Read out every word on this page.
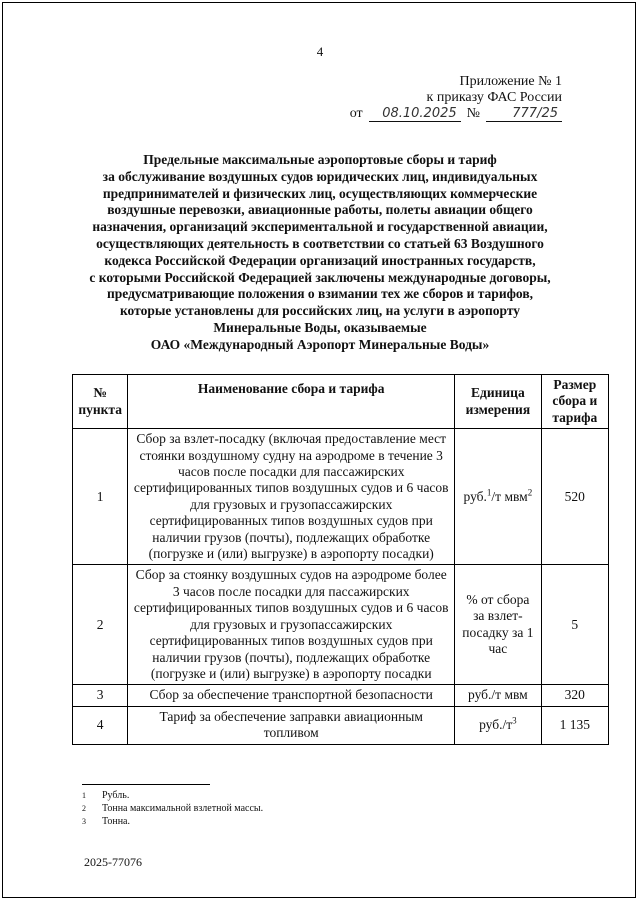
4
Приложение № 1
к приказу ФАС России
от	08.10.2025 №	777/25
Предельные максимальные аэропортовые сборы и тариф
за обслуживание воздушных судов юридических лиц, индивидуальных
предпринимателей и физических лиц, осуществляющих коммерческие
воздушные перевозки, авиационные работы, полеты авиации общего
назначения, организаций экспериментальной и государственной авиации,
осуществляющих деятельность в соответствии со статьей 63 Воздушного
кодекса Российской Федерации организаций иностранных государств,
с которыми Российской Федерацией заключены международные договоры,
предусматривающие положения о взимании тех же сборов и тарифов,
которые установлены для российских лиц, на услуги в аэропорту
Минеральные Воды, оказываемые
ОАО «Международный Аэропорт Минеральные Воды»
№ пункта	Наименование сбора и тарифа	Единица измерения	Размер сбора и тарифа
1	Сбор за взлет-посадку (включая предоставление мест стоянки воздушному судну на аэродроме в течение 3 часов после посадки для пассажирских сертифицированных типов воздушных судов и 6 часов для грузовых и грузопассажирских сертифицированных типов воздушных судов при наличии грузов (почты), подлежащих обработке (погрузке и (или) выгрузке) в аэропорту посадки)	руб.$^1$/т мвм$^2$	520
2	Сбор за стоянку воздушных судов на аэродроме более 3 часов после посадки для пассажирских сертифицированных типов воздушных судов и 6 часов для грузовых и грузопассажирских сертифицированных типов воздушных судов при наличии грузов (почты), подлежащих обработке (погрузке и (или) выгрузке) в аэропорту посадки	% от сбора за взлет-посадку за 1 час	5
3	Сбор за обеспечение транспортной безопасности	руб./т мвм	320
4	Тариф за обеспечение заправки авиационным топливом	$руб./т^3$	1 135
1	Рубль.
2	Тонна максимальной взлетной массы.
3	Тонна.
2025-77076
